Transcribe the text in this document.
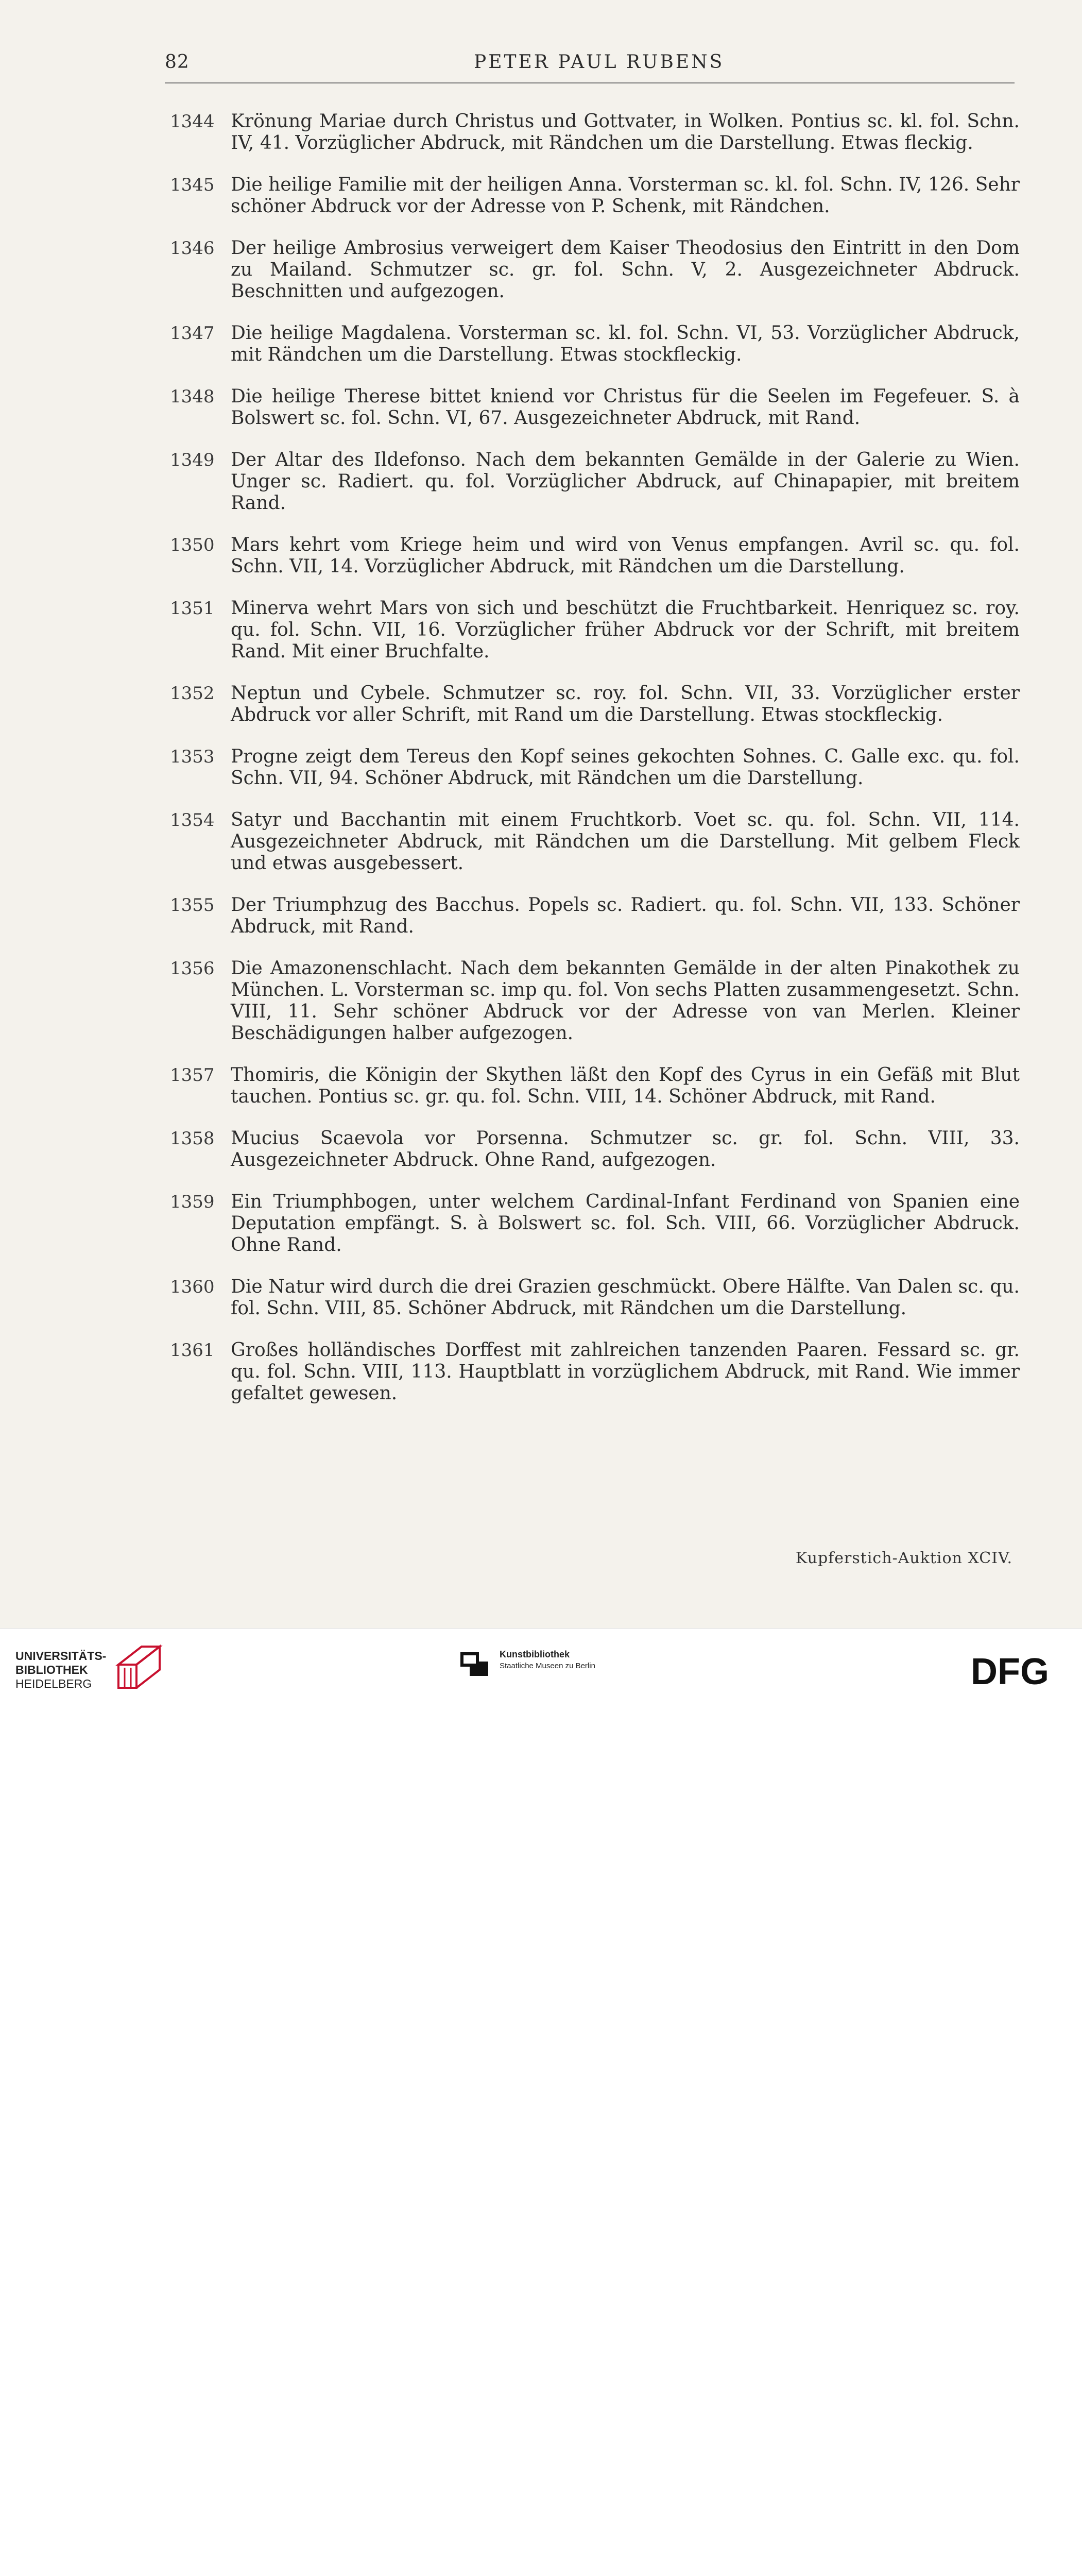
82	PETER PAUL RUBENS
1344 Krönung Mariae durch Christus und Gottvater, in Wolken. Pontius sc. kl. fol. Schn. IV, 41. Vorzüglicher Abdruck, mit Rändchen um die Darstellung. Etwas fleckig.
1345 Die heilige Familie mit der heiligen Anna. Vorsterman sc. kl. fol. Schn. IV, 126. Sehr schöner Abdruck vor der Adresse von P. Schenk, mit Rändchen.
1346 Der heilige Ambrosius verweigert dem Kaiser Theodosius den Eintritt in den Dom zu Mailand. Schmutzer sc. gr. fol. Schn. V, 2. Ausgezeichneter Abdruck. Beschnitten und aufgezogen.
1347 Die heilige Magdalena. Vorsterman sc. kl. fol. Schn. VI, 53. Vorzüglicher Abdruck, mit Rändchen um die Darstellung. Etwas stockfleckig.
1348 Die heilige Therese bittet kniend vor Christus für die Seelen im Fegefeuer. S. à Bolswert sc. fol. Schn. VI, 67. Ausgezeichneter Abdruck, mit Rand.
1349 Der Altar des Ildefonso. Nach dem bekannten Gemälde in der Galerie zu Wien. Unger sc. Radiert. qu. fol. Vorzüglicher Abdruck, auf Chinapapier, mit breitem Rand.
1350 Mars kehrt vom Kriege heim und wird von Venus empfangen. Avril sc. qu. fol. Schn. VII, 14. Vorzüglicher Abdruck, mit Rändchen um die Darstellung.
1351 Minerva wehrt Mars von sich und beschützt die Fruchtbarkeit. Henriquez sc. roy. qu. fol. Schn. VII, 16. Vorzüglicher früher Abdruck vor der Schrift, mit breitem Rand. Mit einer Bruchfalte.
1352 Neptun und Cybele. Schmutzer sc. roy. fol. Schn. VII, 33. Vorzüglicher erster Abdruck vor aller Schrift, mit Rand um die Darstellung. Etwas stockfleckig.
1353 Progne zeigt dem Tereus den Kopf seines gekochten Sohnes. C. Galle exc. qu. fol. Schn. VII, 94. Schöner Abdruck, mit Rändchen um die Darstellung.
1354 Satyr und Bacchantin mit einem Fruchtkorb. Voet sc. qu. fol. Schn. VII, 114. Ausgezeichneter Abdruck, mit Rändchen um die Darstellung. Mit gelbem Fleck und etwas ausgebessert.
1355 Der Triumphzug des Bacchus. Popels sc. Radiert. qu. fol. Schn. VII, 133. Schöner Abdruck, mit Rand.
1356 Die Amazonenschlacht. Nach dem bekannten Gemälde in der alten Pinakothek zu München. L. Vorsterman sc. imp qu. fol. Von sechs Platten zusammengesetzt. Schn. VIII, 11. Sehr schöner Abdruck vor der Adresse von van Merlen. Kleiner Beschädigungen halber aufgezogen.
1357 Thomiris, die Königin der Skythen läßt den Kopf des Cyrus in ein Gefäß mit Blut tauchen. Pontius sc. gr. qu. fol. Schn. VIII, 14. Schöner Abdruck, mit Rand.
1358 Mucius Scaevola vor Porsenna. Schmutzer sc. gr. fol. Schn. VIII, 33. Ausgezeichneter Abdruck. Ohne Rand, aufgezogen.
1359 Ein Triumphbogen, unter welchem Cardinal-Infant Ferdinand von Spanien eine Deputation empfängt. S. à Bolswert sc. fol. Sch. VIII, 66. Vorzüglicher Abdruck. Ohne Rand.
1360 Die Natur wird durch die drei Grazien geschmückt. Obere Hälfte. Van Dalen sc. qu. fol. Schn. VIII, 85. Schöner Abdruck, mit Rändchen um die Darstellung.
1361 Großes holländisches Dorffest mit zahlreichen tanzenden Paaren. Fessard sc. gr. qu. fol. Schn. VIII, 113. Hauptblatt in vorzüglichem Abdruck, mit Rand. Wie immer gefaltet gewesen.
Kupferstich-Auktion XCIV.
UNIVERSITÄTS-
BIBLIOTHEK
HEIDELBERG
Kunstbibliothek
Staatliche Museen zu Berlin	DFG
